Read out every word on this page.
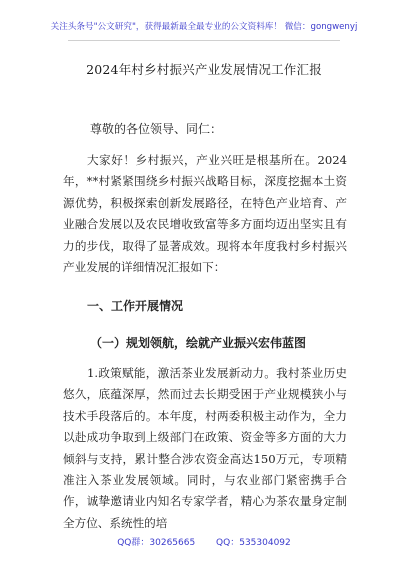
关注头条号"公文研究"，获得最新最全最专业的公文资料库！ 微信：gongwenyj
2024年村乡村振兴产业发展情况工作汇报
尊敬的各位领导、同仁：
大家好！乡村振兴，产业兴旺是根基所在。2024年，**村紧紧围绕乡村振兴战略目标，深度挖掘本土资源优势，积极探索创新发展路径，在特色产业培育、产业融合发展以及农民增收致富等多方面均迈出坚实且有力的步伐，取得了显著成效。现将本年度我村乡村振兴产业发展的详细情况汇报如下：
一、工作开展情况
（一）规划领航，绘就产业振兴宏伟蓝图
1.政策赋能，激活茶业发展新动力。我村茶业历史悠久，底蕴深厚，然而过去长期受困于产业规模狭小与技术手段落后的。本年度，村两委积极主动作为，全力以赴成功争取到上级部门在政策、资金等多方面的大力倾斜与支持，累计整合涉农资金高达150万元，专项精准注入茶业发展领域。同时，与农业部门紧密携手合作，诚挚邀请业内知名专家学者，精心为茶农量身定制全方位、系统性的培
QQ群：30265665 QQ：535304092
